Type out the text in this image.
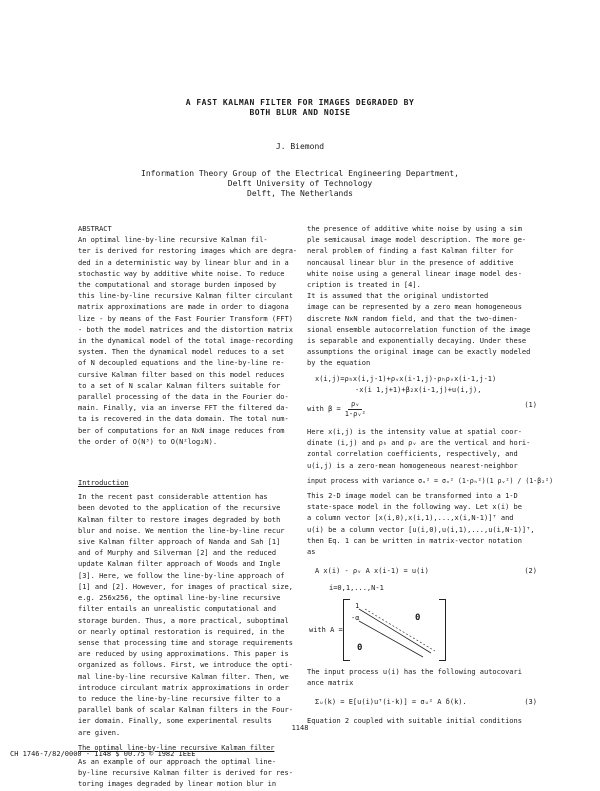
A FAST KALMAN FILTER FOR IMAGES DEGRADED BY
BOTH BLUR AND NOISE
J. Biemond
Information Theory Group of the Electrical Engineering Department,
Delft University of Technology
Delft, The Netherlands

ABSTRACT

An optimal line-by-line recursive Kalman fil-

ter is derived for restoring images which are degra-

ded in a deterministic way by linear blur and in a

stochastic way by additive white noise. To reduce

the computational and storage burden imposed by

this line-by-line recursive Kalman filter circulant

matrix approximations are made in order to diagona

lize - by means of the Fast Fourier Transform (FFT)

- both the model matrices and the distortion matrix

in the dynamical model of the total image-recording

system. Then the dynamical model reduces to a set

of N decoupled equations and the line-by-line re-

cursive Kalman filter based on this model reduces

to a set of N scalar Kalman filters suitable for

parallel processing of the data in the Fourier do-

main. Finally, via an inverse FFT the filtered da-

ta is recovered in the data domain. The total num-

ber of computations for an NxN image reduces from

the order of O(N³) to O(N²log₂N).

Introduction

In the recent past considerable attention has

been devoted to the application of the recursive

Kalman filter to restore images degraded by both

blur and noise. We mention the line-by-line recur

sive Kalman filter approach of Nanda and Sah [1]

and of Murphy and Silverman [2] and the reduced

update Kalman filter approach of Woods and Ingle

[3]. Here, we follow the line-by-line approach of

[1] and [2]. However, for images of practical size,

e.g. 256x256, the optimal line-by-line recursive

filter entails an unrealistic computational and

storage burden. Thus, a more practical, suboptimal

or nearly optimal restoration is required, in the

sense that processing time and storage requirements

are reduced by using approximations. This paper is

organized as follows. First, we introduce the opti-

mal line-by-line recursive Kalman filter. Then, we

introduce circulant matrix approximations in order

to reduce the line-by-line recursive filter to a

parallel bank of scalar Kalman filters in the Four-

ier domain. Finally, some experimental results

are given.

The optimal line-by-line recursive Kalman filter

As an example of our approach the optimal line-

by-line recursive Kalman filter is derived for res-

toring images degraded by linear motion blur in

the presence of additive white noise by using a sim

ple semicausal image model description. The more ge-

neral problem of finding a fast Kalman filter for

noncausal linear blur in the presence of additive

white noise using a general linear image model des-

cription is treated in [4].

It is assumed that the original undistorted

image can be represented by a zero mean homogeneous

discrete NxN random field, and that the two-dimen-

sional ensemble autocorrelation function of the image

is separable and exponentially decaying. Under these

assumptions the original image can be exactly modeled

by the equation

x(i,j)=ρₕx(i,j-1)+ρᵥx(i-1,j)-ρₕρᵥx(i-1,j-1)
-x(i 1,j+1)+β₂x(i-1,j)+u(i,j),
with $\beta = \frac{\text{ρᵥ}}{\text{1-ρᵥ²}}$	(1)

Here x(i,j) is the intensity value at spatial coor-

dinate (i,j) and ρₕ and ρᵥ are the vertical and hori-

zontal correlation coefficients, respectively, and

u(i,j) is a zero-mean homogeneous nearest-neighbor

input process with variance σᵤ² = σₓ² (1-ρₕ²)(1 ρᵥ²) / (1-β₂²)

This 2-D image model can be transformed into a 1-D

state-space model in the following way. Let x(i) be

a column vector [x(i,0),x(i,1),...,x(i,N-1)]ᵀ and

u(i) be a column vector [u(i,0),u(i,1),...,u(i,N-1)]ᵀ,

then Eq. 1 can be written in matrix-vector notation

as

A x(i) - ρᵥ A x(i-1) = u(i)	(2)
i=0,1,...,N-1
with A =
1
-α	0
0

The input process u(i) has the following autocovari

ance matrix

Σᵤ(k) = E[u(i)uᵀ(i-k)] = σᵤ² A δ(k).	(3)
Equation 2 coupled with suitable initial conditions
1148
CH 1746-7/82/0000 - 1148 $ 00.75 © 1982 IEEE
